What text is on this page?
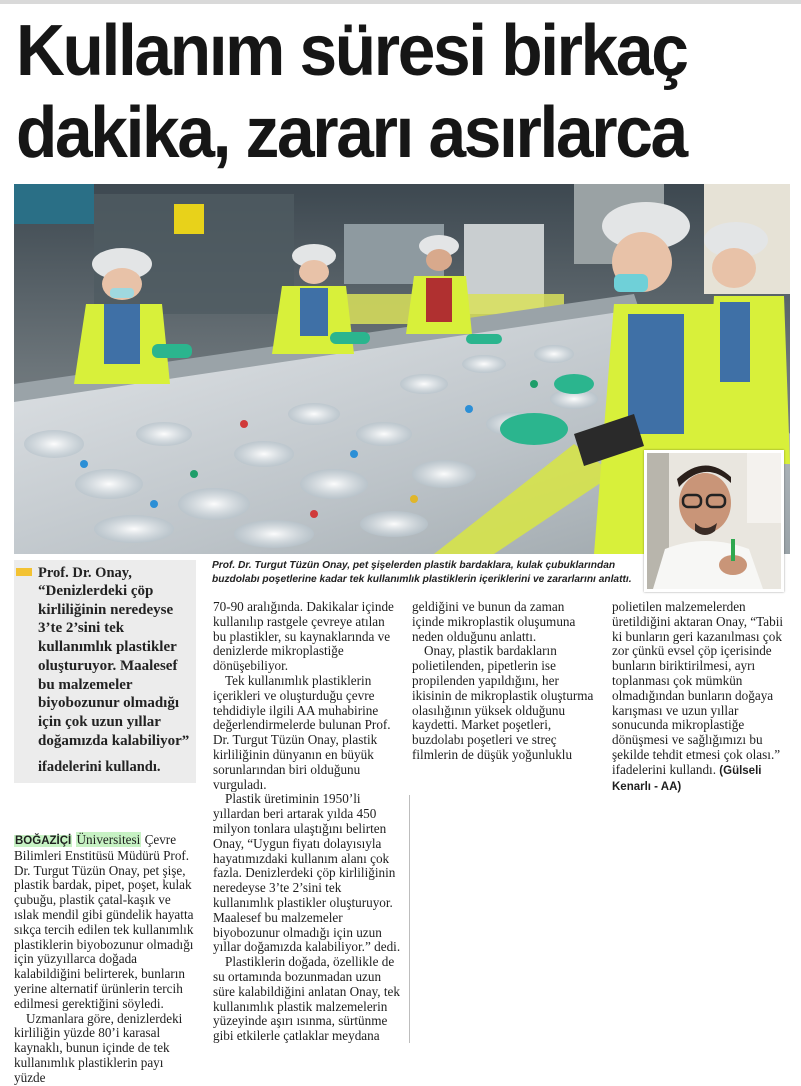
Kullanım süresi birkaç
dakika, zararı asırlarca

Prof. Dr. Turgut Tüzün Onay, pet şişelerden plastik bardaklara, kulak çubuklarından buzdolabı poşetlerine kadar tek kullanımlık plastiklerin içeriklerini ve zararlarını anlattı.

Prof. Dr. Onay,

“Denizlerdeki çöp kirliliğinin neredeyse 3’te 2’sini tek kullanımlık plastikler oluşturuyor. Maalesef bu malzemeler biyobozunur olmadığı için çok uzun yıllar doğamızda kalabiliyor”

ifadelerini kullandı.

BOĞAZİÇİ Üniversitesi Çevre Bilimleri Enstitüsü Müdürü Prof. Dr. Turgut Tüzün Onay, pet şişe, plastik bardak, pipet, poşet, kulak çubuğu, plastik çatal-kaşık ve ıslak mendil gibi gündelik hayatta sıkça tercih edilen tek kullanımlık plastiklerin biyobozunur olmadığı için yüzyıllarca doğada kalabildiğini belirterek, bunların yerine alternatif ürünlerin tercih edilmesi gerektiğini söyledi.

Uzmanlara göre, denizlerdeki kirliliğin yüzde 80’i karasal kaynaklı, bunun içinde de tek kullanımlık plastiklerin payı yüzde

70-90 aralığında. Dakikalar içinde kullanılıp rastgele çevreye atılan bu plastikler, su kaynaklarında ve denizlerde mikroplastiğe dönüşebiliyor.

Tek kullanımlık plastiklerin içerikleri ve oluşturduğu çevre tehdidiyle ilgili AA muhabirine değerlendirmelerde bulunan Prof. Dr. Turgut Tüzün Onay, plastik kirliliğinin dünyanın en büyük sorunlarından biri olduğunu vurguladı.

Plastik üretiminin 1950’li yıllardan beri artarak yılda 450 milyon tonlara ulaştığını belirten Onay, “Uygun fiyatı dolayısıyla hayatımızdaki kullanım alanı çok fazla. Denizlerdeki çöp kirliliğinin neredeyse 3’te 2’sini tek kullanımlık plastikler oluşturuyor. Maalesef bu malzemeler biyobozunur olmadığı için uzun yıllar doğamızda kalabiliyor.” dedi.

Plastiklerin doğada, özellikle de su ortamında bozunmadan uzun süre kalabildiğini anlatan Onay, tek kullanımlık plastik malzemelerin yüzeyinde aşırı ısınma, sürtünme gibi etkilerle çatlaklar meydana

geldiğini ve bunun da zaman içinde mikroplastik oluşumuna neden olduğunu anlattı.

Onay, plastik bardakların polietilenden, pipetlerin ise propilenden yapıldığını, her ikisinin de mikroplastik oluşturma olasılığının yüksek olduğunu kaydetti. Market poşetleri, buzdolabı poşetleri ve streç filmlerin de düşük yoğunluklu

polietilen malzemelerden üretildiğini aktaran Onay, “Tabii ki bunların geri kazanılması çok zor çünkü evsel çöp içerisinde bunların biriktirilmesi, ayrı toplanması çok mümkün olmadığından bunların doğaya karışması ve uzun yıllar sonucunda mikroplastiğe dönüşmesi ve sağlığımızı bu şekilde tehdit etmesi çok olası.” ifadelerini kullandı. (Gülseli Kenarlı - AA)
